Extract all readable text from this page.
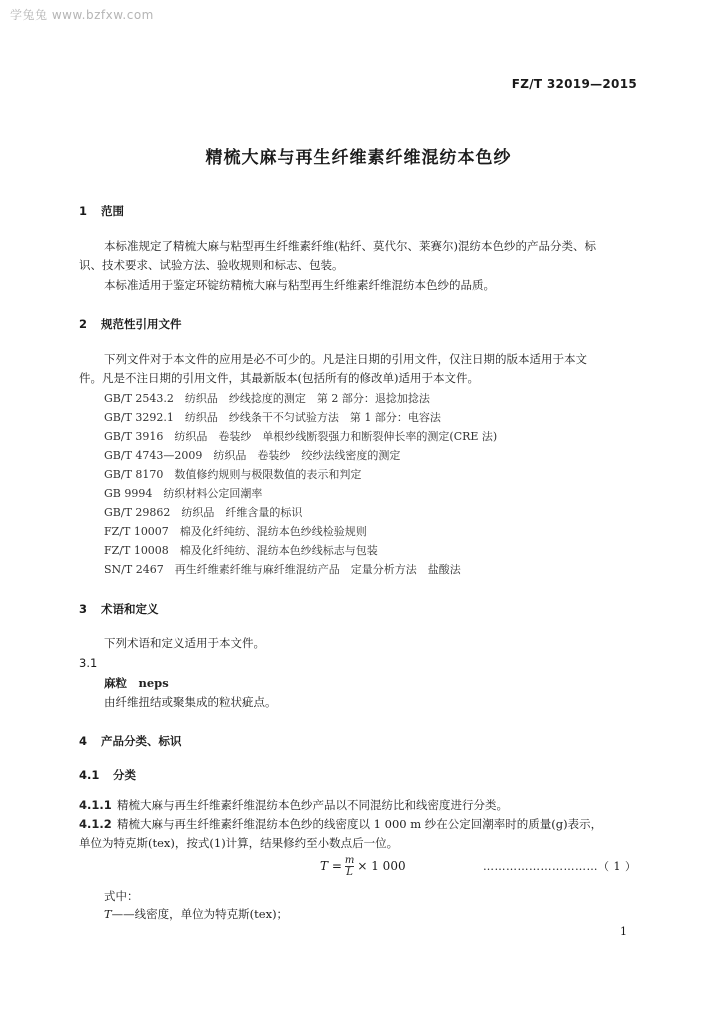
学兔兔 www.bzfxw.com
FZ/T 32019—2015
精梳大麻与再生纤维素纤维混纺本色纱
1 范围
本标准规定了精梳大麻与粘型再生纤维素纤维(粘纤、莫代尔、莱赛尔)混纺本色纱的产品分类、标
识、技术要求、试验方法、验收规则和标志、包装。
本标准适用于鉴定环锭纺精梳大麻与粘型再生纤维素纤维混纺本色纱的品质。
2 规范性引用文件
下列文件对于本文件的应用是必不可少的。凡是注日期的引用文件，仅注日期的版本适用于本文
件。凡是不注日期的引用文件，其最新版本(包括所有的修改单)适用于本文件。
GB/T 2543.2　纺织品　纱线捻度的测定　第 2 部分：退捻加捻法
GB/T 3292.1　纺织品　纱线条干不匀试验方法　第 1 部分：电容法
GB/T 3916　纺织品　卷装纱　单根纱线断裂强力和断裂伸长率的测定(CRE 法)
GB/T 4743—2009　纺织品　卷装纱　绞纱法线密度的测定
GB/T 8170　数值修约规则与极限数值的表示和判定
GB 9994　纺织材料公定回潮率
GB/T 29862　纺织品　纤维含量的标识
FZ/T 10007　棉及化纤纯纺、混纺本色纱线检验规则
FZ/T 10008　棉及化纤纯纺、混纺本色纱线标志与包装
SN/T 2467　再生纤维素纤维与麻纤维混纺产品　定量分析方法　盐酸法
3 术语和定义
下列术语和定义适用于本文件。
3.1
麻粒　neps
由纤维扭结或聚集成的粒状疵点。
4 产品分类、标识
4.1 分类
4.1.1 精梳大麻与再生纤维素纤维混纺本色纱产品以不同混纺比和线密度进行分类。
4.1.2 精梳大麻与再生纤维素纤维混纺本色纱的线密度以 1 000 m 纱在公定回潮率时的质量(g)表示，
单位为特克斯(tex)，按式(1)计算，结果修约至小数点后一位。
$T = \frac{m}{L} \times 1$ 000	…………………………（ 1 ）
式中：
T——线密度，单位为特克斯(tex)；
1
